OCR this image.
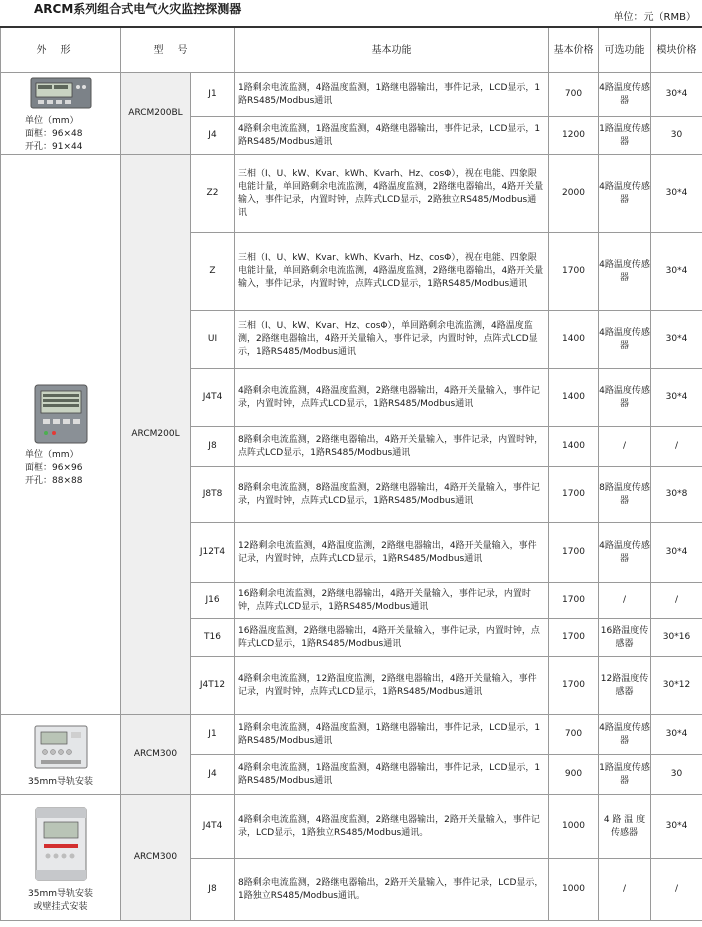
ARCM系列组合式电气火灾监控探测器
单位：元（RMB）
外形	型号		基本功能	基本价格	可选功能	模块价格

单位（mm）
面框：96×48
开孔：91×44	ARCM200BL	J1	1路剩余电流监测，4路温度监测，1路继电器输出，事件记录，LCD显示，1路RS485/Modbus通讯	700	4路温度传感器	30*4
		J4	4路剩余电流监测，1路温度监测，4路继电器输出，事件记录，LCD显示，1路RS485/Modbus通讯	1200	1路温度传感器	30

单位（mm）
面框：96×96
开孔：88×88	ARCM200L	Z2	三相（I、U、kW、Kvar、kWh、Kvarh、Hz、cosΦ），视在电能、四象限电能计量，单回路剩余电流监测，4路温度监测，2路继电器输出，4路开关量输入，事件记录，内置时钟，点阵式LCD显示，2路独立RS485/Modbus通讯	2000	4路温度传感器	30*4
		Z	三相（I、U、kW、Kvar、kWh、Kvarh、Hz、cosΦ），视在电能、四象限电能计量，单回路剩余电流监测，4路温度监测，2路继电器输出，4路开关量输入，事件记录，内置时钟，点阵式LCD显示，1路RS485/Modbus通讯	1700	4路温度传感器	30*4
		UI	三相（I、U、kW、Kvar、Hz、cosΦ），单回路剩余电流监测，4路温度监测，2路继电器输出，4路开关量输入，事件记录，内置时钟，点阵式LCD显示，1路RS485/Modbus通讯	1400	4路温度传感器	30*4
		J4T4	4路剩余电流监测，4路温度监测，2路继电器输出，4路开关量输入，事件记录，内置时钟，点阵式LCD显示，1路RS485/Modbus通讯	1400	4路温度传感器	30*4
		J8	8路剩余电流监测，2路继电器输出，4路开关量输入，事件记录，内置时钟，点阵式LCD显示，1路RS485/Modbus通讯	1400	/	/
		J8T8	8路剩余电流监测，8路温度监测，2路继电器输出，4路开关量输入，事件记录，内置时钟，点阵式LCD显示，1路RS485/Modbus通讯	1700	8路温度传感器	30*8
		J12T4	12路剩余电流监测，4路温度监测，2路继电器输出，4路开关量输入，事件记录，内置时钟，点阵式LCD显示，1路RS485/Modbus通讯	1700	4路温度传感器	30*4
		J16	16路剩余电流监测，2路继电器输出，4路开关量输入，事件记录，内置时钟，点阵式LCD显示，1路RS485/Modbus通讯	1700	/	/
		T16	16路温度监测，2路继电器输出，4路开关量输入，事件记录，内置时钟，点阵式LCD显示，1路RS485/Modbus通讯	1700	16路温度传感器	30*16
		J4T12	4路剩余电流监测，12路温度监测，2路继电器输出，4路开关量输入，事件记录，内置时钟，点阵式LCD显示，1路RS485/Modbus通讯	1700	12路温度传感器	30*12

35mm导轨安装	ARCM300	J1	1路剩余电流监测，4路温度监测，1路继电器输出，事件记录，LCD显示，1路RS485/Modbus通讯	700	4路温度传感器	30*4
		J4	4路剩余电流监测，1路温度监测，4路继电器输出，事件记录，LCD显示，1路RS485/Modbus通讯	900	1路温度传感器	30

35mm导轨安装
或壁挂式安装	ARCM300	J4T4	4路剩余电流监测，4路温度监测，2路继电器输出，2路开关量输入，事件记录，LCD显示，1路独立RS485/Modbus通讯。	1000	4 路 温 度 传感器	30*4
		J8	8路剩余电流监测，2路继电器输出，2路开关量输入，事件记录，LCD显示，1路独立RS485/Modbus通讯。	1000	/	/
